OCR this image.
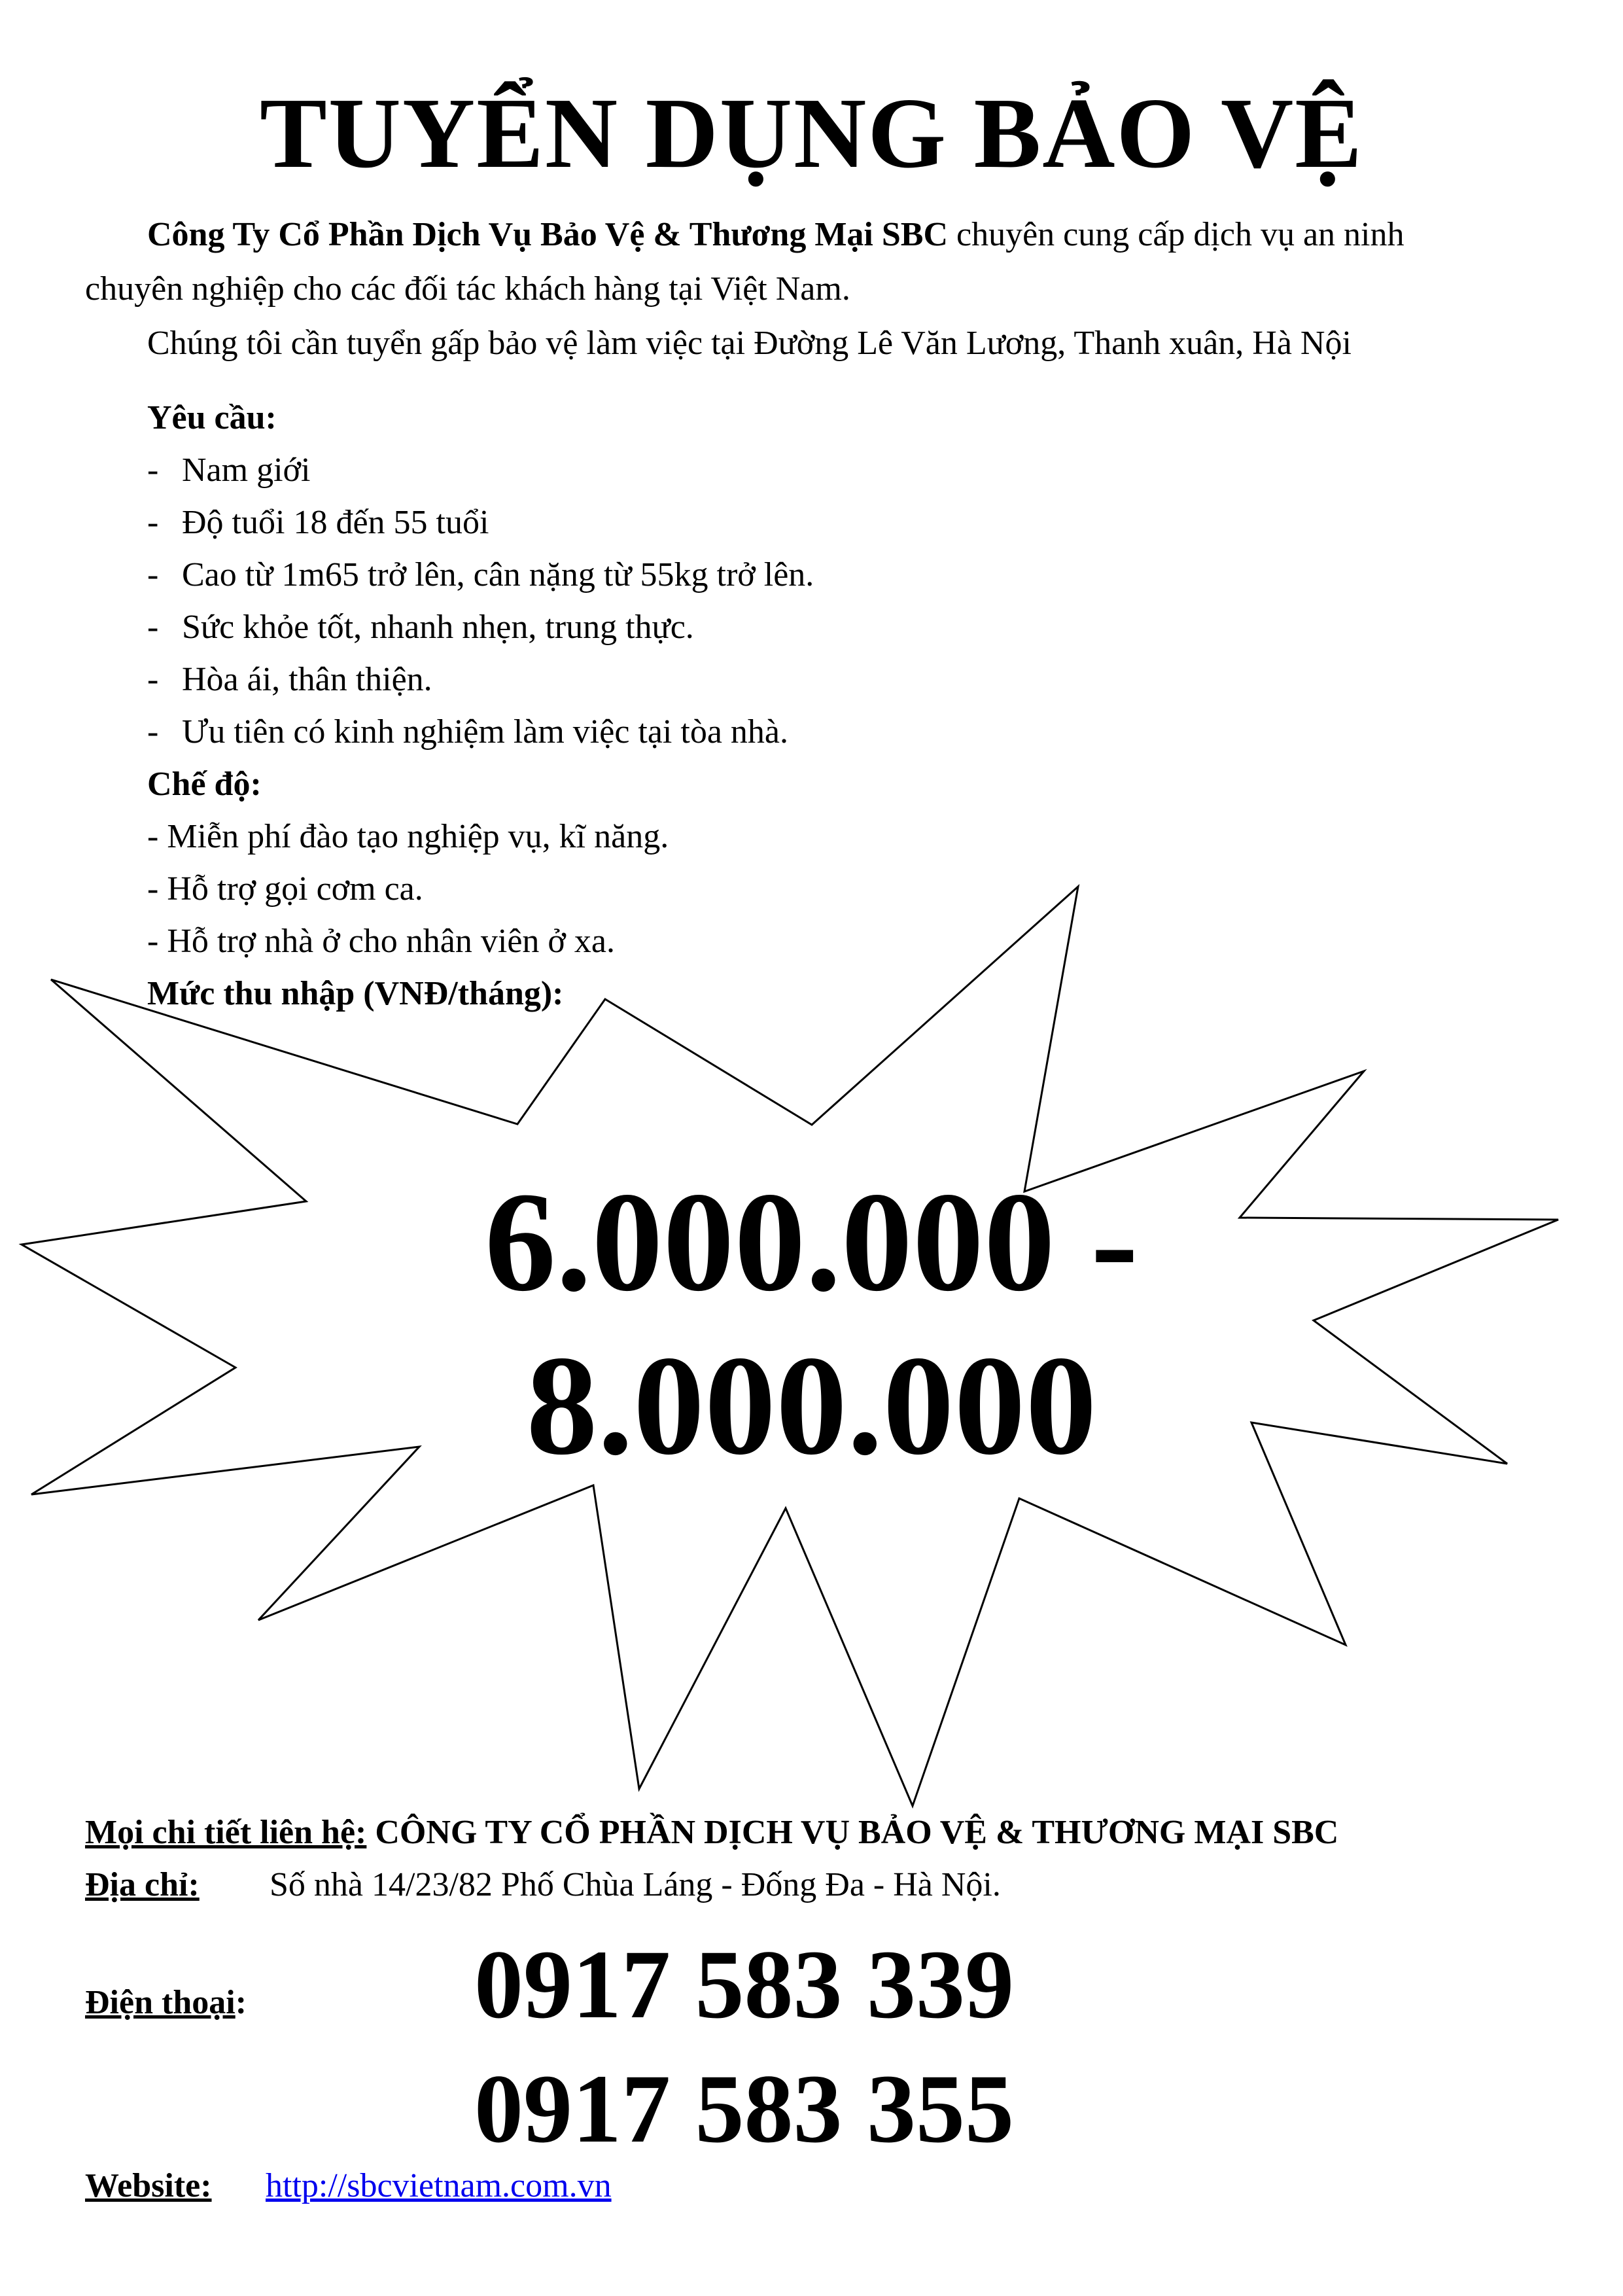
TUYỂN DỤNG BẢO VỆ
Công Ty Cổ Phần Dịch Vụ Bảo Vệ & Thương Mại SBC chuyên cung cấp dịch vụ an ninh
chuyên nghiệp cho các đối tác khách hàng tại Việt Nam.
Chúng tôi cần tuyển gấp bảo vệ làm việc tại Đường Lê Văn Lương, Thanh xuân, Hà Nội
Yêu cầu:
- Nam giới
- Độ tuổi 18 đến 55 tuổi
- Cao từ 1m65 trở lên, cân nặng từ 55kg trở lên.
- Sức khỏe tốt, nhanh nhẹn, trung thực.
- Hòa ái, thân thiện.
- Ưu tiên có kinh nghiệm làm việc tại tòa nhà.
Chế độ:
- Miễn phí đào tạo nghiệp vụ, kĩ năng.
- Hỗ trợ gọi cơm ca.
- Hỗ trợ nhà ở cho nhân viên ở xa.
Mức thu nhập (VNĐ/tháng):
6.000.000 -
8.000.000
Mọi chi tiết liên hệ: CÔNG TY CỔ PHẦN DỊCH VỤ BẢO VỆ & THƯƠNG MẠI SBC
Địa chỉ: Số nhà 14/23/82 Phố Chùa Láng - Đống Đa - Hà Nội.
Điện thoại: 0917 583 339
0917 583 355
Website: http://sbcvietnam.com.vn
